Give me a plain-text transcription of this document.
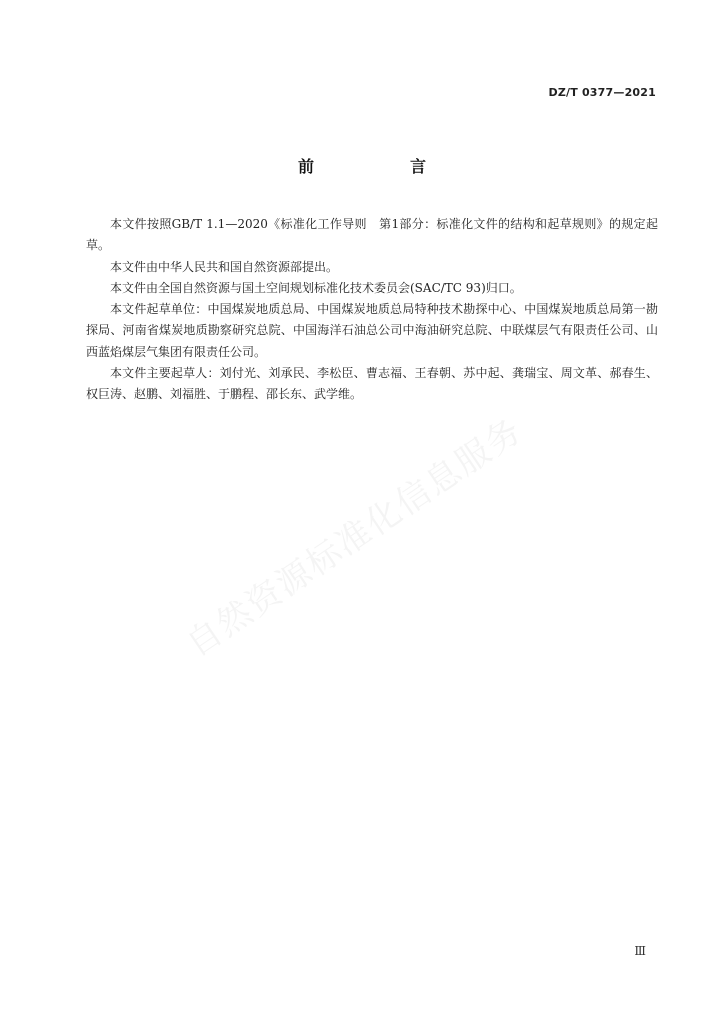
DZ/T 0377—2021
前　言

本文件按照GB/T 1.1—2020《标准化工作导则　第1部分：标准化文件的结构和起草规则》的规定起草。

本文件由中华人民共和国自然资源部提出。

本文件由全国自然资源与国土空间规划标准化技术委员会(SAC/TC 93)归口。

本文件起草单位：中国煤炭地质总局、中国煤炭地质总局特种技术勘探中心、中国煤炭地质总局第一勘探局、河南省煤炭地质勘察研究总院、中国海洋石油总公司中海油研究总院、中联煤层气有限责任公司、山西蓝焰煤层气集团有限责任公司。

本文件主要起草人：刘付光、刘承民、李松臣、曹志福、王春朝、苏中起、龚瑞宝、周文革、郝春生、权巨涛、赵鹏、刘福胜、于鹏程、邵长东、武学维。

自然资源标准化信息服务
Ⅲ
